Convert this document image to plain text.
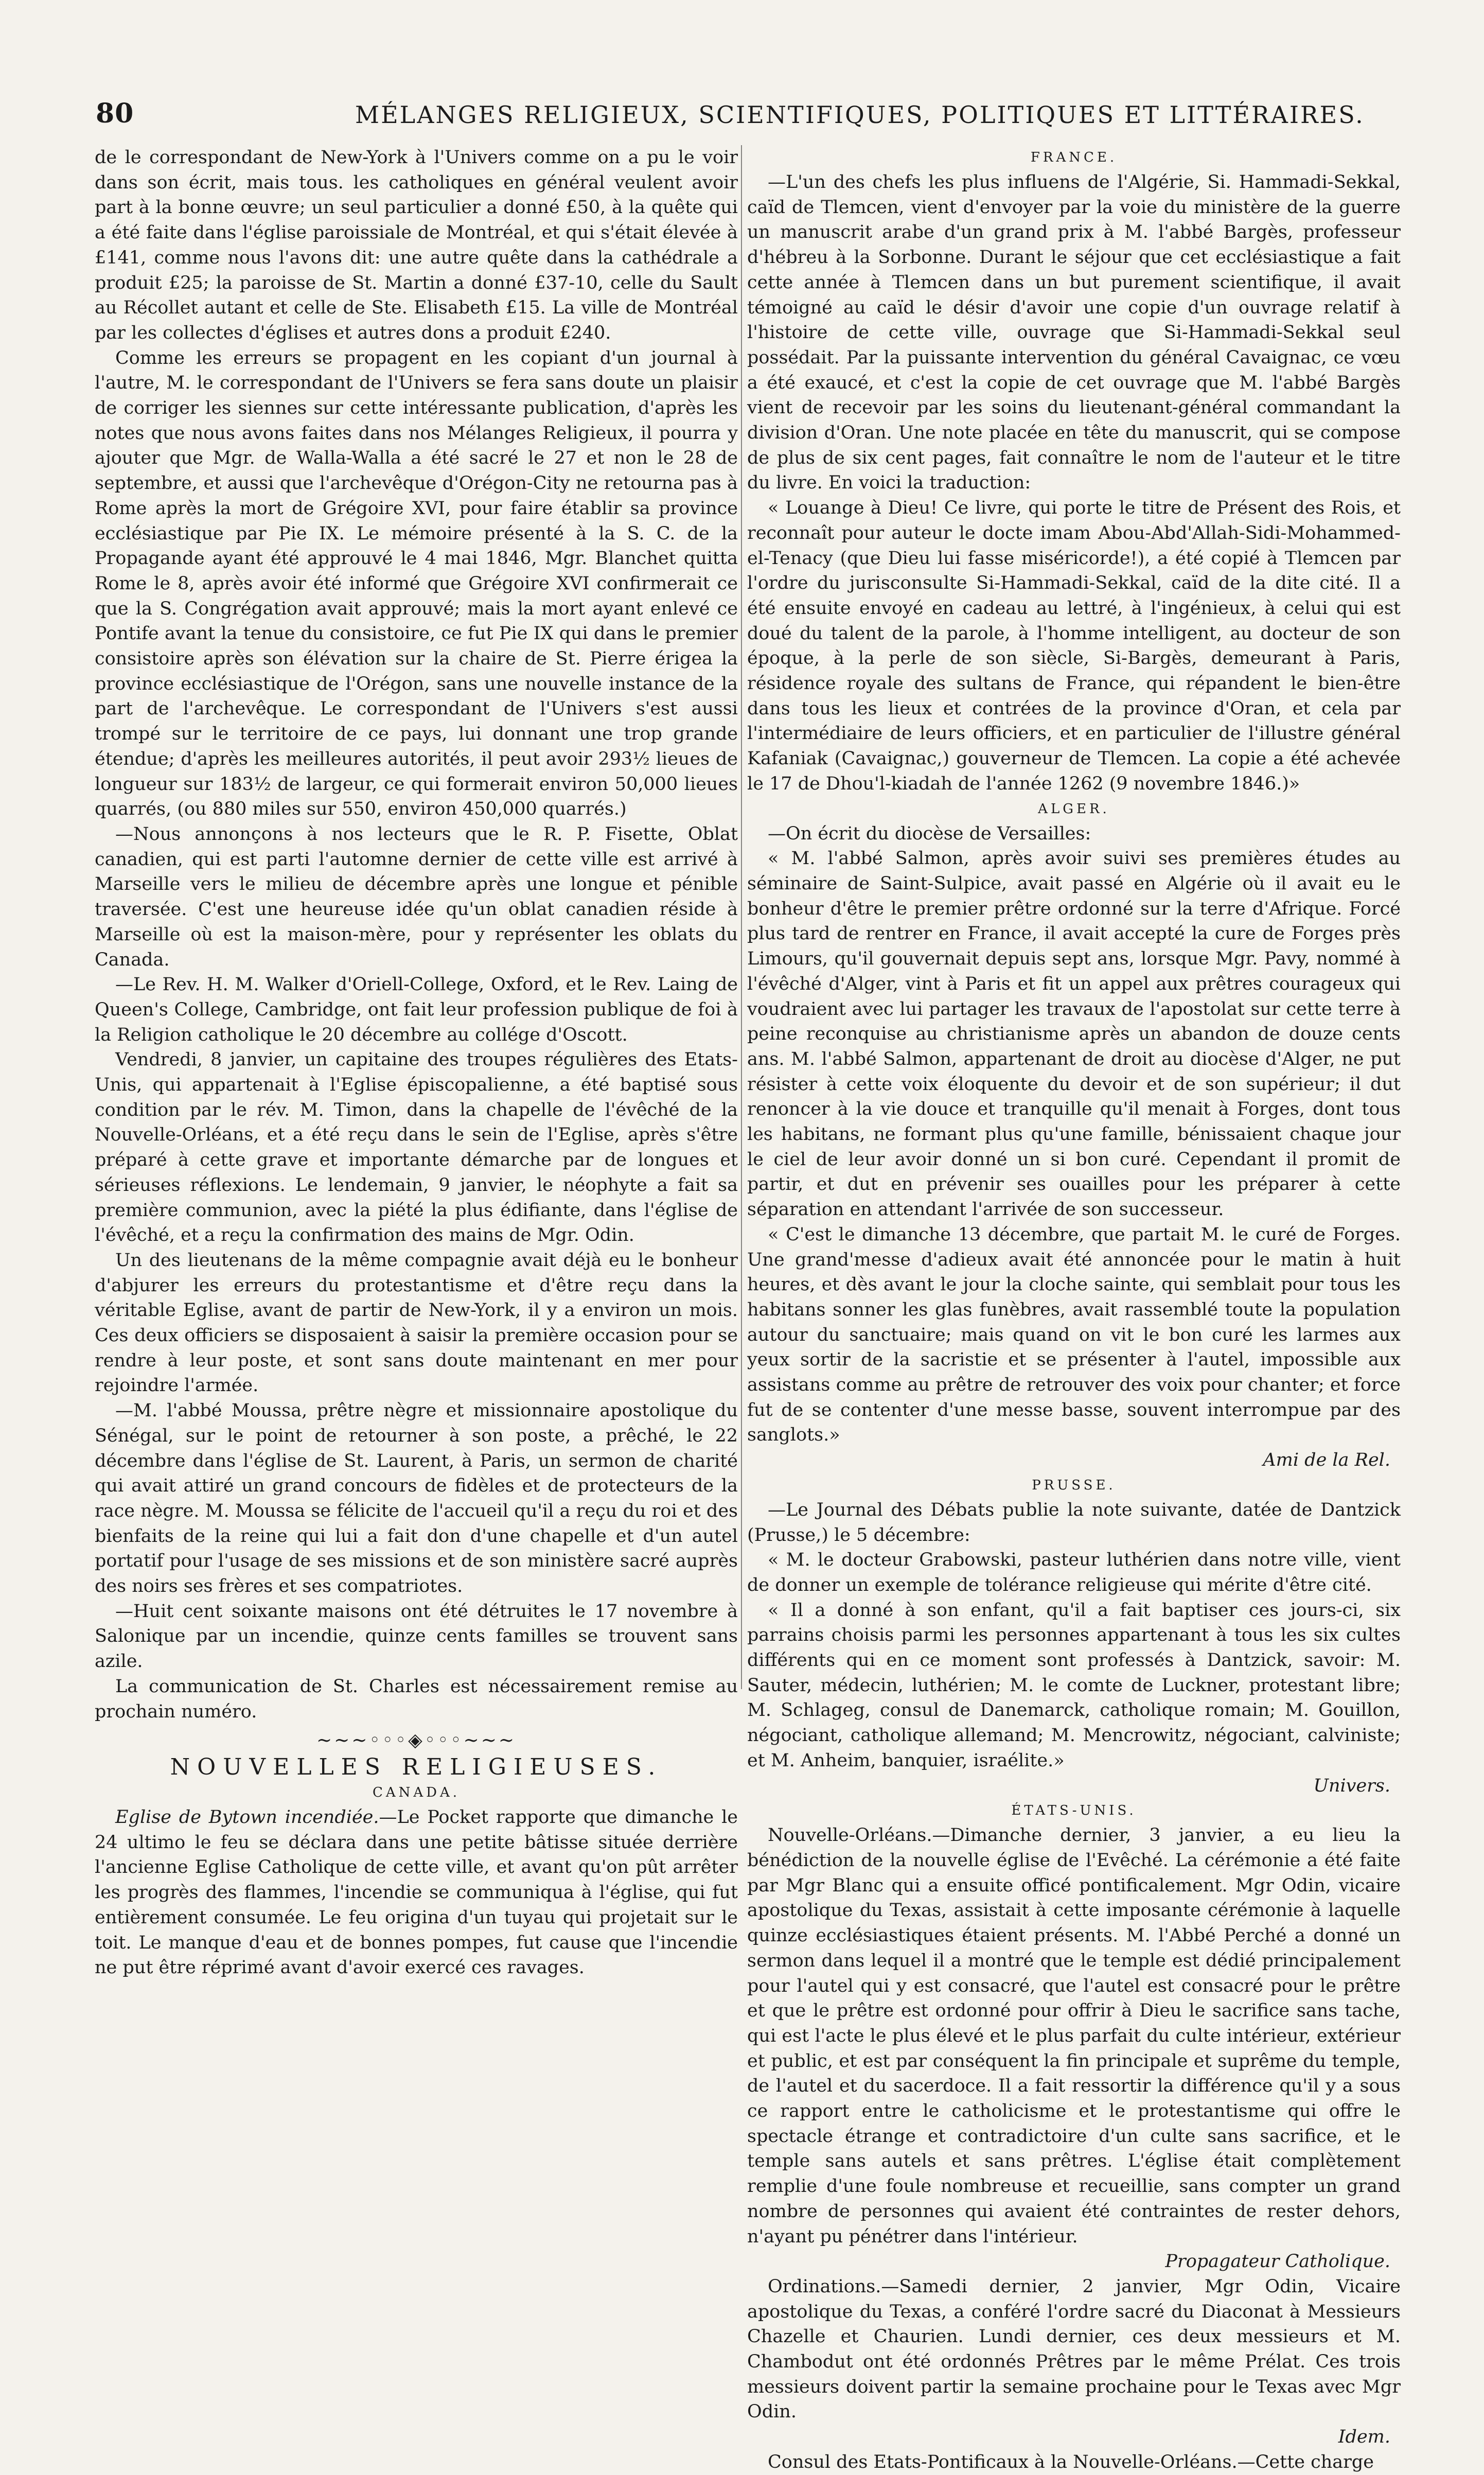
80	MÉLANGES RELIGIEUX, SCIENTIFIQUES, POLITIQUES ET LITTÉRAIRES.

de le correspondant de New-York à l'Univers comme on a pu le voir dans son écrit, mais tous. les catholiques en général veulent avoir part à la bonne œuvre; un seul particulier a donné £50, à la quête qui a été faite dans l'église paroissiale de Montréal, et qui s'était élevée à £141, comme nous l'avons dit: une autre quête dans la cathédrale a produit £25; la paroisse de St. Martin a donné £37-10, celle du Sault au Récollet autant et celle de Ste. Elisabeth £15. La ville de Montréal par les collectes d'églises et autres dons a produit £240.

Comme les erreurs se propagent en les copiant d'un journal à l'autre, M. le correspondant de l'Univers se fera sans doute un plaisir de corriger les siennes sur cette intéressante publication, d'après les notes que nous avons faites dans nos Mélanges Religieux, il pourra y ajouter que Mgr. de Walla-Walla a été sacré le 27 et non le 28 de septembre, et aussi que l'archevêque d'Orégon-City ne retourna pas à Rome après la mort de Grégoire XVI, pour faire établir sa province ecclésiastique par Pie IX. Le mémoire présenté à la S. C. de la Propagande ayant été approuvé le 4 mai 1846, Mgr. Blanchet quitta Rome le 8, après avoir été informé que Grégoire XVI confirmerait ce que la S. Congrégation avait approuvé; mais la mort ayant enlevé ce Pontife avant la tenue du consistoire, ce fut Pie IX qui dans le premier consistoire après son élévation sur la chaire de St. Pierre érigea la province ecclésiastique de l'Orégon, sans une nouvelle instance de la part de l'archevêque. Le correspondant de l'Univers s'est aussi trompé sur le territoire de ce pays, lui donnant une trop grande étendue; d'après les meilleures autorités, il peut avoir 293½ lieues de longueur sur 183½ de largeur, ce qui formerait environ 50,000 lieues quarrés, (ou 880 miles sur 550, environ 450,000 quarrés.)

—Nous annonçons à nos lecteurs que le R. P. Fisette, Oblat canadien, qui est parti l'automne dernier de cette ville est arrivé à Marseille vers le milieu de décembre après une longue et pénible traversée. C'est une heureuse idée qu'un oblat canadien réside à Marseille où est la maison-mère, pour y représenter les oblats du Canada.

—Le Rev. H. M. Walker d'Oriell-College, Oxford, et le Rev. Laing de Queen's College, Cambridge, ont fait leur profession publique de foi à la Religion catholique le 20 décembre au collége d'Oscott.

Vendredi, 8 janvier, un capitaine des troupes régulières des Etats-Unis, qui appartenait à l'Eglise épiscopalienne, a été baptisé sous condition par le rév. M. Timon, dans la chapelle de l'évêché de la Nouvelle-Orléans, et a été reçu dans le sein de l'Eglise, après s'être préparé à cette grave et importante démarche par de longues et sérieuses réflexions. Le lendemain, 9 janvier, le néophyte a fait sa première communion, avec la piété la plus édifiante, dans l'église de l'évêché, et a reçu la confirmation des mains de Mgr. Odin.

Un des lieutenans de la même compagnie avait déjà eu le bonheur d'abjurer les erreurs du protestantisme et d'être reçu dans la véritable Eglise, avant de partir de New-York, il y a environ un mois. Ces deux officiers se disposaient à saisir la première occasion pour se rendre à leur poste, et sont sans doute maintenant en mer pour rejoindre l'armée.

—M. l'abbé Moussa, prêtre nègre et missionnaire apostolique du Sénégal, sur le point de retourner à son poste, a prêché, le 22 décembre dans l'église de St. Laurent, à Paris, un sermon de charité qui avait attiré un grand concours de fidèles et de protecteurs de la race nègre. M. Moussa se félicite de l'accueil qu'il a reçu du roi et des bienfaits de la reine qui lui a fait don d'une chapelle et d'un autel portatif pour l'usage de ses missions et de son ministère sacré auprès des noirs ses frères et ses compatriotes.

—Huit cent soixante maisons ont été détruites le 17 novembre à Salonique par un incendie, quinze cents familles se trouvent sans azile.

La communication de St. Charles est nécessairement remise au prochain numéro.

~~~◦◦◦◈◦◦◦~~~
NOUVELLES RELIGIEUSES.
CANADA.

Eglise de Bytown incendiée.—Le Pocket rapporte que dimanche le 24 ultimo le feu se déclara dans une petite bâtisse située derrière l'ancienne Eglise Catholique de cette ville, et avant qu'on pût arrêter les progrès des flammes, l'incendie se communiqua à l'église, qui fut entièrement consumée. Le feu origina d'un tuyau qui projetait sur le toit. Le manque d'eau et de bonnes pompes, fut cause que l'incendie ne put être réprimé avant d'avoir exercé ces ravages.

FRANCE.

—L'un des chefs les plus influens de l'Algérie, Si. Hammadi-Sekkal, caïd de Tlemcen, vient d'envoyer par la voie du ministère de la guerre un manuscrit arabe d'un grand prix à M. l'abbé Bargès, professeur d'hébreu à la Sorbonne. Durant le séjour que cet ecclésiastique a fait cette année à Tlemcen dans un but purement scientifique, il avait témoigné au caïd le désir d'avoir une copie d'un ouvrage relatif à l'histoire de cette ville, ouvrage que Si-Hammadi-Sekkal seul possédait. Par la puissante intervention du général Cavaignac, ce vœu a été exaucé, et c'est la copie de cet ouvrage que M. l'abbé Bargès vient de recevoir par les soins du lieutenant-général commandant la division d'Oran. Une note placée en tête du manuscrit, qui se compose de plus de six cent pages, fait connaître le nom de l'auteur et le titre du livre. En voici la traduction:

« Louange à Dieu! Ce livre, qui porte le titre de Présent des Rois, et reconnaît pour auteur le docte imam Abou-Abd'Allah-Sidi-Mohammed-el-Tenacy (que Dieu lui fasse miséricorde!), a été copié à Tlemcen par l'ordre du jurisconsulte Si-Hammadi-Sekkal, caïd de la dite cité. Il a été ensuite envoyé en cadeau au lettré, à l'ingénieux, à celui qui est doué du talent de la parole, à l'homme intelligent, au docteur de son époque, à la perle de son siècle, Si-Bargès, demeurant à Paris, résidence royale des sultans de France, qui répandent le bien-être dans tous les lieux et contrées de la province d'Oran, et cela par l'intermédiaire de leurs officiers, et en particulier de l'illustre général Kafaniak (Cavaignac,) gouverneur de Tlemcen. La copie a été achevée le 17 de Dhou'l-kiadah de l'année 1262 (9 novembre 1846.)»

ALGER.

—On écrit du diocèse de Versailles:

« M. l'abbé Salmon, après avoir suivi ses premières études au séminaire de Saint-Sulpice, avait passé en Algérie où il avait eu le bonheur d'être le premier prêtre ordonné sur la terre d'Afrique. Forcé plus tard de rentrer en France, il avait accepté la cure de Forges près Limours, qu'il gouvernait depuis sept ans, lorsque Mgr. Pavy, nommé à l'évêché d'Alger, vint à Paris et fit un appel aux prêtres courageux qui voudraient avec lui partager les travaux de l'apostolat sur cette terre à peine reconquise au christianisme après un abandon de douze cents ans. M. l'abbé Salmon, appartenant de droit au diocèse d'Alger, ne put résister à cette voix éloquente du devoir et de son supérieur; il dut renoncer à la vie douce et tranquille qu'il menait à Forges, dont tous les habitans, ne formant plus qu'une famille, bénissaient chaque jour le ciel de leur avoir donné un si bon curé. Cependant il promit de partir, et dut en prévenir ses ouailles pour les préparer à cette séparation en attendant l'arrivée de son successeur.

« C'est le dimanche 13 décembre, que partait M. le curé de Forges. Une grand'messe d'adieux avait été annoncée pour le matin à huit heures, et dès avant le jour la cloche sainte, qui semblait pour tous les habitans sonner les glas funèbres, avait rassemblé toute la population autour du sanctuaire; mais quand on vit le bon curé les larmes aux yeux sortir de la sacristie et se présenter à l'autel, impossible aux assistans comme au prêtre de retrouver des voix pour chanter; et force fut de se contenter d'une messe basse, souvent interrompue par des sanglots.»

Ami de la Rel.

PRUSSE.

—Le Journal des Débats publie la note suivante, datée de Dantzick (Prusse,) le 5 décembre:

« M. le docteur Grabowski, pasteur luthérien dans notre ville, vient de donner un exemple de tolérance religieuse qui mérite d'être cité.

« Il a donné à son enfant, qu'il a fait baptiser ces jours-ci, six parrains choisis parmi les personnes appartenant à tous les six cultes différents qui en ce moment sont professés à Dantzick, savoir: M. Sauter, médecin, luthérien; M. le comte de Luckner, protestant libre; M. Schlageg, consul de Danemarck, catholique romain; M. Gouillon, négociant, catholique allemand; M. Mencrowitz, négociant, calviniste; et M. Anheim, banquier, israélite.»

Univers.

ÉTATS-UNIS.

Nouvelle-Orléans.—Dimanche dernier, 3 janvier, a eu lieu la bénédiction de la nouvelle église de l'Evêché. La cérémonie a été faite par Mgr Blanc qui a ensuite officé pontificalement. Mgr Odin, vicaire apostolique du Texas, assistait à cette imposante cérémonie à laquelle quinze ecclésiastiques étaient présents. M. l'Abbé Perché a donné un sermon dans lequel il a montré que le temple est dédié principalement pour l'autel qui y est consacré, que l'autel est consacré pour le prêtre et que le prêtre est ordonné pour offrir à Dieu le sacrifice sans tache, qui est l'acte le plus élevé et le plus parfait du culte intérieur, extérieur et public, et est par conséquent la fin principale et suprême du temple, de l'autel et du sacerdoce. Il a fait ressortir la différence qu'il y a sous ce rapport entre le catholicisme et le protestantisme qui offre le spectacle étrange et contradictoire d'un culte sans sacrifice, et le temple sans autels et sans prêtres. L'église était complètement remplie d'une foule nombreuse et recueillie, sans compter un grand nombre de personnes qui avaient été contraintes de rester dehors, n'ayant pu pénétrer dans l'intérieur.

Propagateur Catholique.

Ordinations.—Samedi dernier, 2 janvier, Mgr Odin, Vicaire apostolique du Texas, a conféré l'ordre sacré du Diaconat à Messieurs Chazelle et Chaurien. Lundi dernier, ces deux messieurs et M. Chambodut ont été ordonnés Prêtres par le même Prélat. Ces trois messieurs doivent partir la semaine prochaine pour le Texas avec Mgr Odin.

Idem.

Consul des Etats-Pontificaux à la Nouvelle-Orléans.—Cette charge
